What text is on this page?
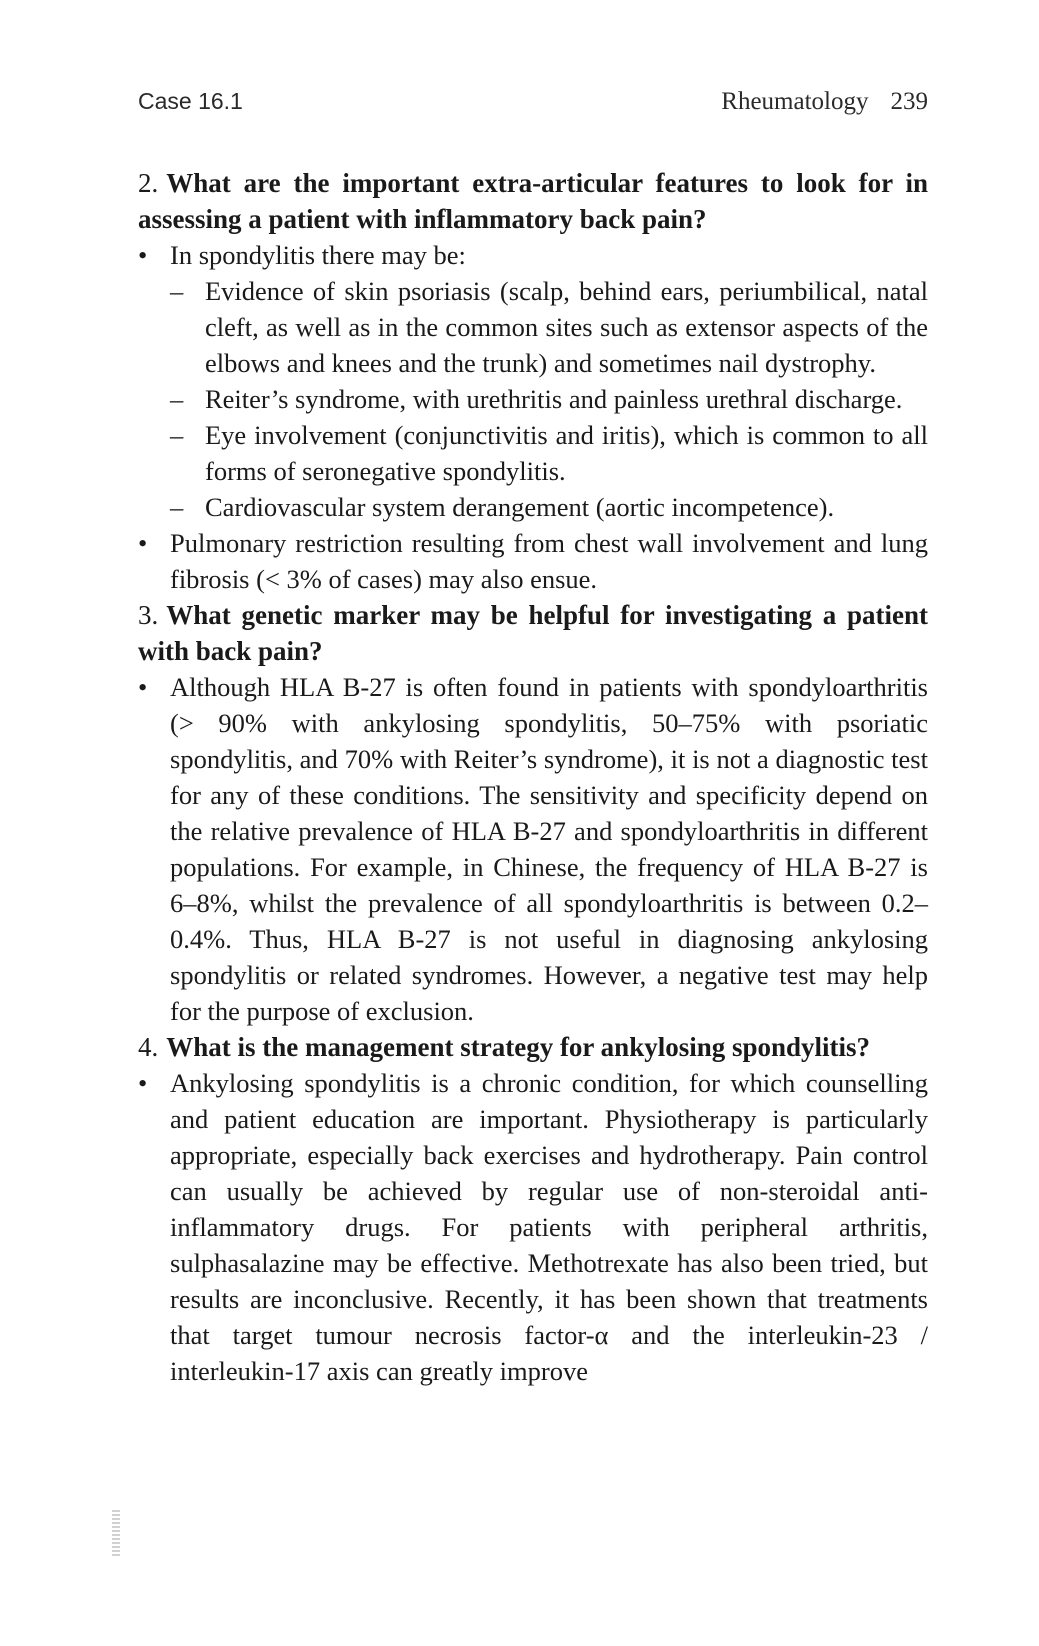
Case 16.1	Rheumatology 239

2. What are the important extra-articular features to look for in assessing a patient with inflammatory back pain?

• In spondylitis there may be:
– Evidence of skin psoriasis (scalp, behind ears, periumbilical, natal cleft, as well as in the common sites such as extensor aspects of the elbows and knees and the trunk) and sometimes nail dystrophy.
– Reiter’s syndrome, with urethritis and painless urethral discharge.
– Eye involvement (conjunctivitis and iritis), which is common to all forms of seronegative spondylitis.
– Cardiovascular system derangement (aortic incompetence).
• Pulmonary restriction resulting from chest wall involvement and lung fibrosis (< 3% of cases) may also ensue.

3. What genetic marker may be helpful for investigating a patient with back pain?

• Although HLA B-27 is often found in patients with spondyloarthritis (> 90% with ankylosing spondylitis, 50–75% with psoriatic spondylitis, and 70% with Reiter’s syndrome), it is not a diagnostic test for any of these conditions. The sensitivity and specificity depend on the relative prevalence of HLA B-27 and spondyloarthritis in different populations. For example, in Chinese, the frequency of HLA B-27 is 6–8%, whilst the prevalence of all spondyloarthritis is between 0.2–0.4%. Thus, HLA B-27 is not useful in diagnosing ankylosing spondylitis or related syndromes. However, a negative test may help for the purpose of exclusion.

4. What is the management strategy for ankylosing spondylitis?

• Ankylosing spondylitis is a chronic condition, for which counselling and patient education are important. Physiotherapy is particularly appropriate, especially back exercises and hydrotherapy. Pain control can usually be achieved by regular use of non-steroidal anti-inflammatory drugs. For patients with peripheral arthritis, sulphasalazine may be effective. Methotrexate has also been tried, but results are inconclusive. Recently, it has been shown that treatments that target tumour necrosis factor-α and the interleukin-23 / interleukin-17 axis can greatly improve
